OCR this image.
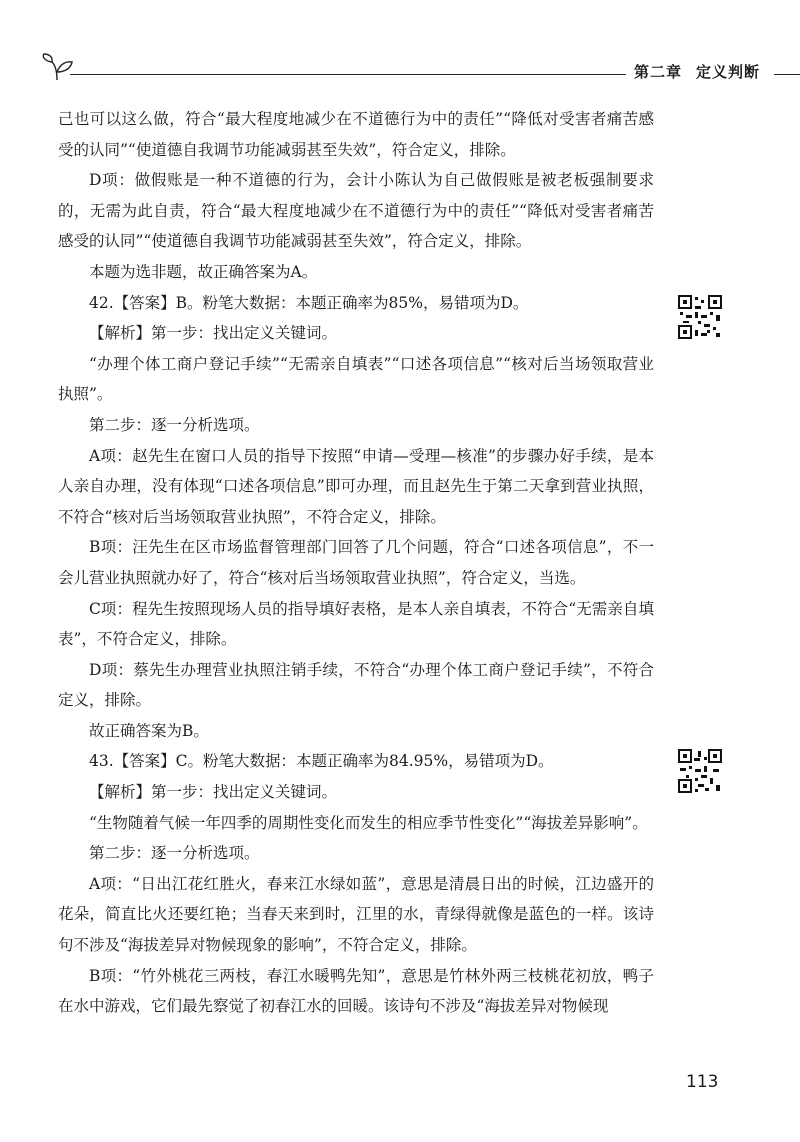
第二章 定义判断

己也可以这么做，符合“最大程度地减少在不道德行为中的责任”“降低对受害者痛苦感受的认同”“使道德自我调节功能减弱甚至失效”，符合定义，排除。

D项：做假账是一种不道德的行为，会计小陈认为自己做假账是被老板强制要求的，无需为此自责，符合“最大程度地减少在不道德行为中的责任”“降低对受害者痛苦感受的认同”“使道德自我调节功能减弱甚至失效”，符合定义，排除。

本题为选非题，故正确答案为A。

42.【答案】B。粉笔大数据：本题正确率为85%，易错项为D。

【解析】第一步：找出定义关键词。

“办理个体工商户登记手续”“无需亲自填表”“口述各项信息”“核对后当场领取营业执照”。

第二步：逐一分析选项。

A项：赵先生在窗口人员的指导下按照“申请—受理—核准”的步骤办好手续，是本人亲自办理，没有体现“口述各项信息”即可办理，而且赵先生于第二天拿到营业执照，不符合“核对后当场领取营业执照”，不符合定义，排除。

B项：汪先生在区市场监督管理部门回答了几个问题，符合“口述各项信息”，不一会儿营业执照就办好了，符合“核对后当场领取营业执照”，符合定义，当选。

C项：程先生按照现场人员的指导填好表格，是本人亲自填表，不符合“无需亲自填表”，不符合定义，排除。

D项：蔡先生办理营业执照注销手续，不符合“办理个体工商户登记手续”，不符合定义，排除。

故正确答案为B。

43.【答案】C。粉笔大数据：本题正确率为84.95%，易错项为D。

【解析】第一步：找出定义关键词。

“生物随着气候一年四季的周期性变化而发生的相应季节性变化”“海拔差异影响”。

第二步：逐一分析选项。

A项：“日出江花红胜火，春来江水绿如蓝”，意思是清晨日出的时候，江边盛开的花朵，简直比火还要红艳；当春天来到时，江里的水，青绿得就像是蓝色的一样。该诗句不涉及“海拔差异对物候现象的影响”，不符合定义，排除。

B项：“竹外桃花三两枝，春江水暖鸭先知”，意思是竹林外两三枝桃花初放，鸭子在水中游戏，它们最先察觉了初春江水的回暖。该诗句不涉及“海拔差异对物候现

113
